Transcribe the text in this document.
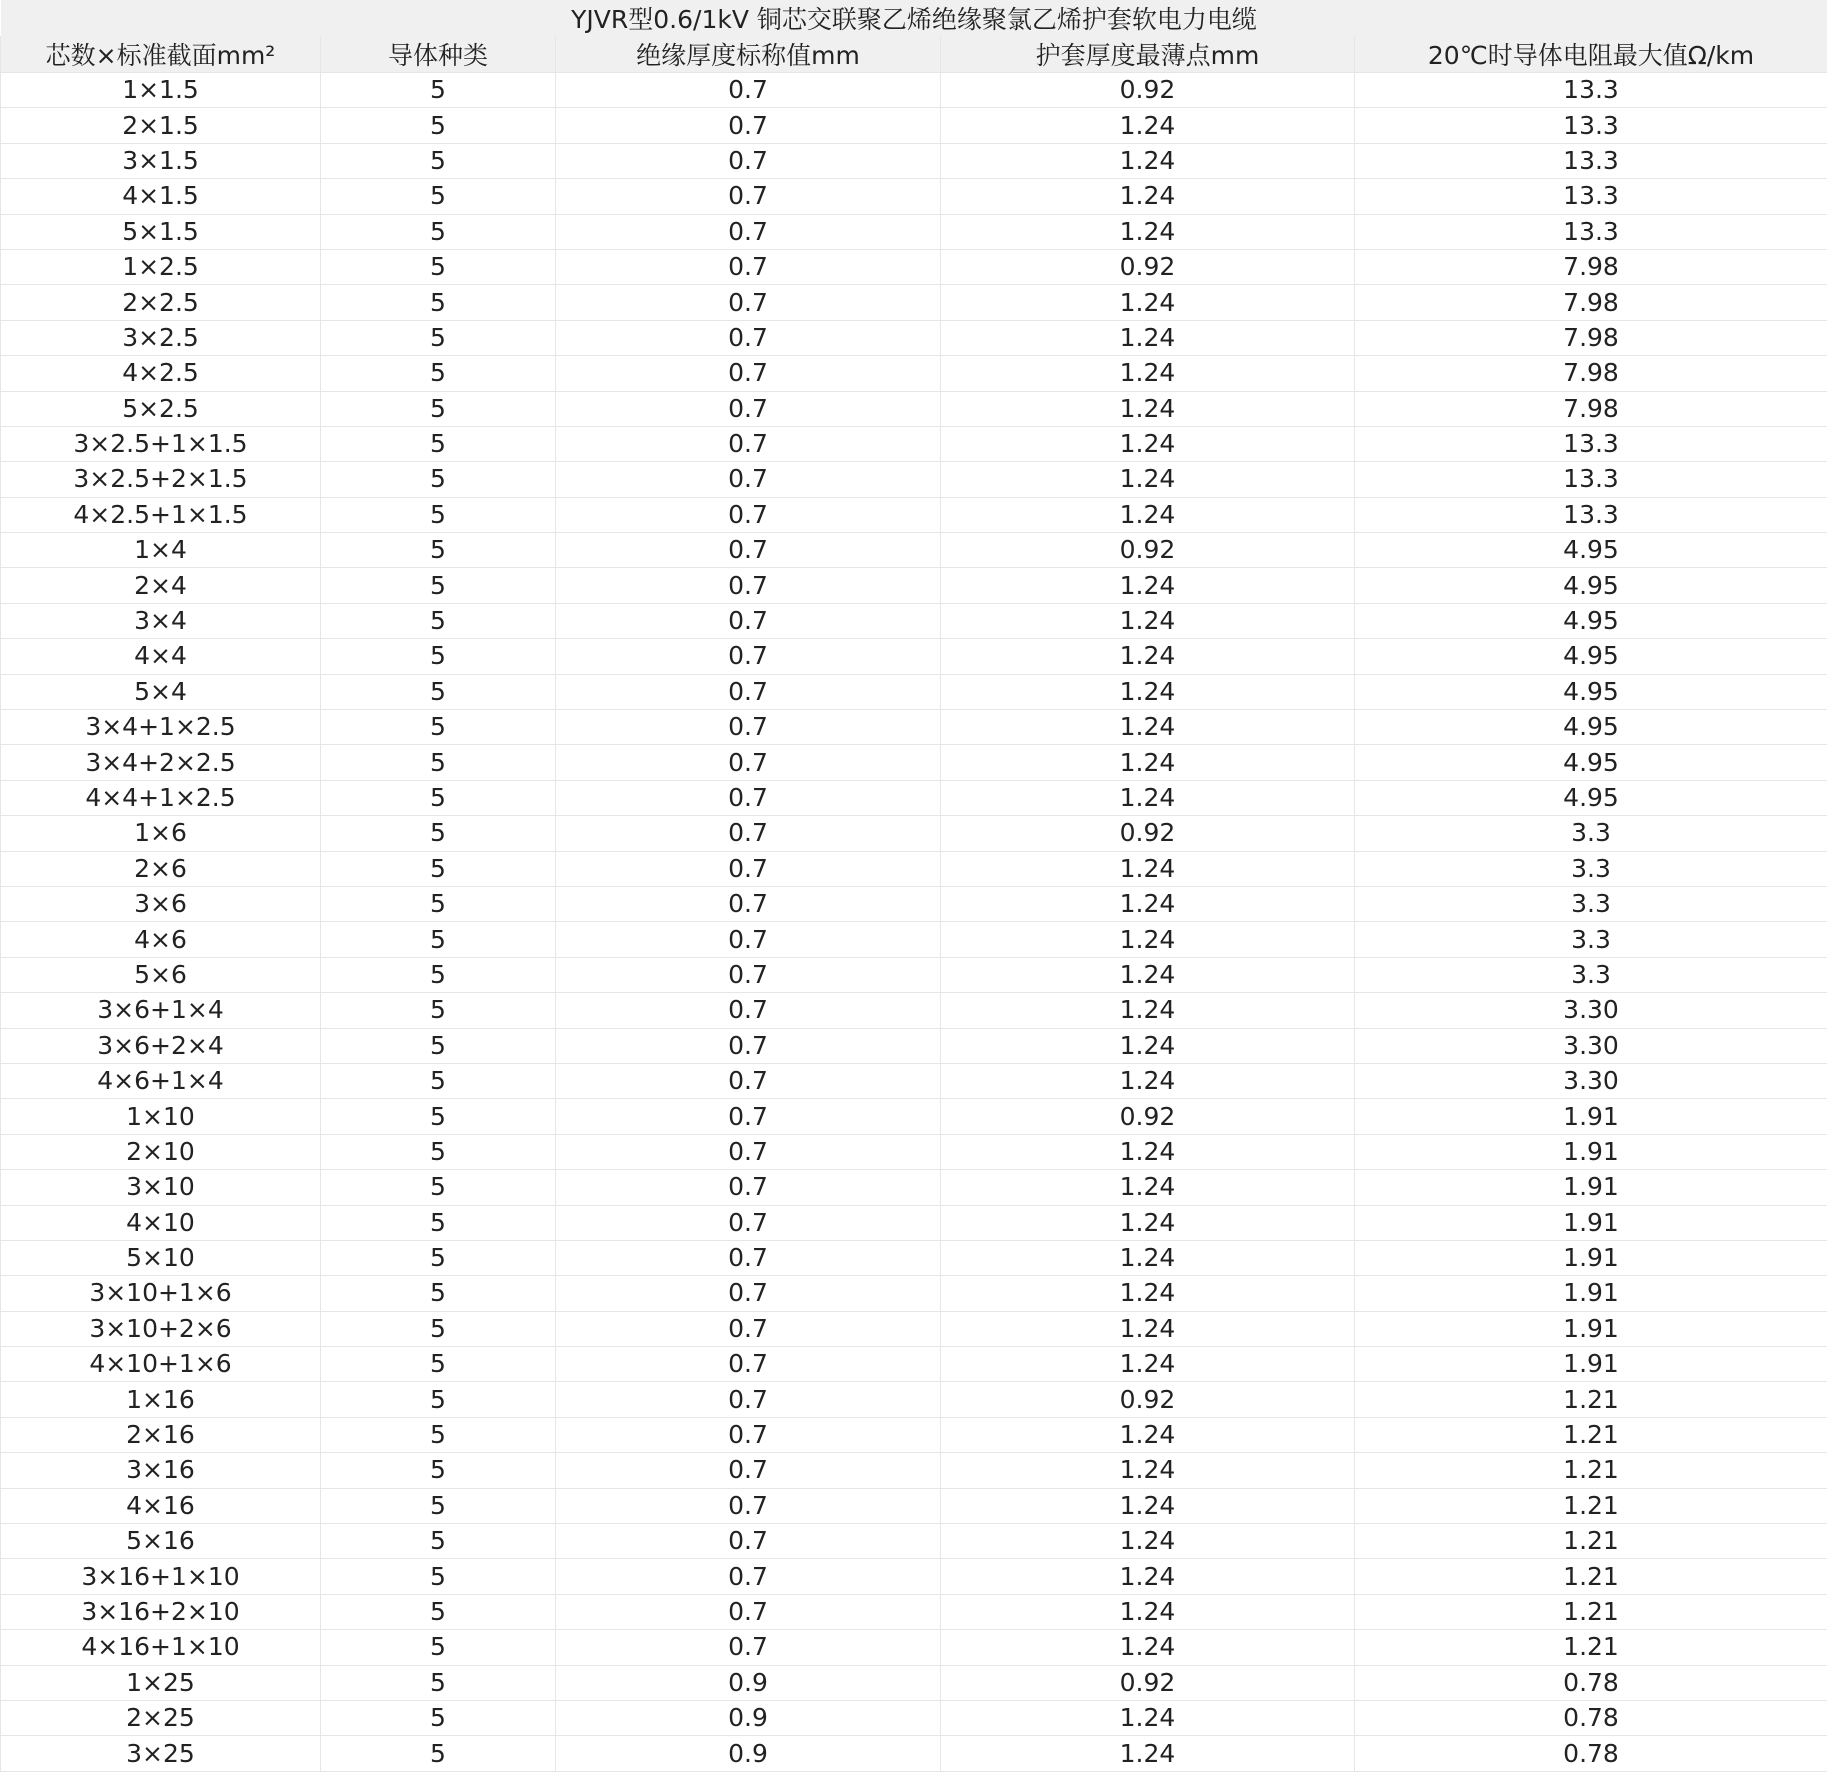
YJVR型0.6/1kV 铜芯交联聚乙烯绝缘聚氯乙烯护套软电力电缆				
芯数×标准截面mm²	导体种类	绝缘厚度标称值mm	护套厚度最薄点mm	20℃时导体电阻最大值Ω/km
1×1.5	5	0.7	0.92	13.3
2×1.5	5	0.7	1.24	13.3
3×1.5	5	0.7	1.24	13.3
4×1.5	5	0.7	1.24	13.3
5×1.5	5	0.7	1.24	13.3
1×2.5	5	0.7	0.92	7.98
2×2.5	5	0.7	1.24	7.98
3×2.5	5	0.7	1.24	7.98
4×2.5	5	0.7	1.24	7.98
5×2.5	5	0.7	1.24	7.98
3×2.5+1×1.5	5	0.7	1.24	13.3
3×2.5+2×1.5	5	0.7	1.24	13.3
4×2.5+1×1.5	5	0.7	1.24	13.3
1×4	5	0.7	0.92	4.95
2×4	5	0.7	1.24	4.95
3×4	5	0.7	1.24	4.95
4×4	5	0.7	1.24	4.95
5×4	5	0.7	1.24	4.95
3×4+1×2.5	5	0.7	1.24	4.95
3×4+2×2.5	5	0.7	1.24	4.95
4×4+1×2.5	5	0.7	1.24	4.95
1×6	5	0.7	0.92	3.3
2×6	5	0.7	1.24	3.3
3×6	5	0.7	1.24	3.3
4×6	5	0.7	1.24	3.3
5×6	5	0.7	1.24	3.3
3×6+1×4	5	0.7	1.24	3.30
3×6+2×4	5	0.7	1.24	3.30
4×6+1×4	5	0.7	1.24	3.30
1×10	5	0.7	0.92	1.91
2×10	5	0.7	1.24	1.91
3×10	5	0.7	1.24	1.91
4×10	5	0.7	1.24	1.91
5×10	5	0.7	1.24	1.91
3×10+1×6	5	0.7	1.24	1.91
3×10+2×6	5	0.7	1.24	1.91
4×10+1×6	5	0.7	1.24	1.91
1×16	5	0.7	0.92	1.21
2×16	5	0.7	1.24	1.21
3×16	5	0.7	1.24	1.21
4×16	5	0.7	1.24	1.21
5×16	5	0.7	1.24	1.21
3×16+1×10	5	0.7	1.24	1.21
3×16+2×10	5	0.7	1.24	1.21
4×16+1×10	5	0.7	1.24	1.21
1×25	5	0.9	0.92	0.78
2×25	5	0.9	1.24	0.78
3×25	5	0.9	1.24	0.78
